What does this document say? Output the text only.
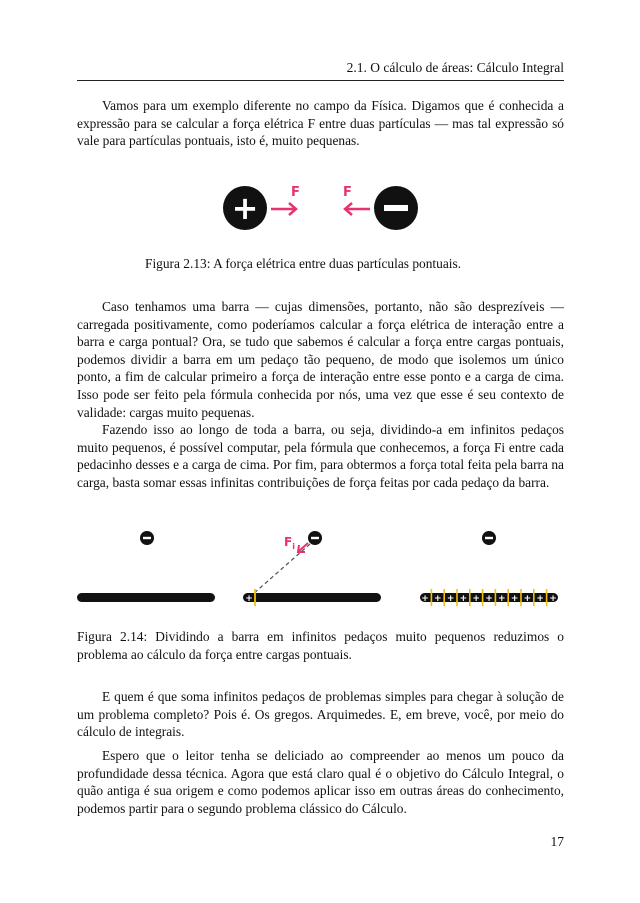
2.1. O cálculo de áreas: Cálculo Integral

Vamos para um exemplo diferente no campo da Física. Digamos que é conhecida a expressão para se calcular a força elétrica F entre duas partículas — mas tal expressão só vale para partículas pontuais, isto é, muito pequenas.

+	F	F

Figura 2.13: A força elétrica entre duas partículas pontuais.

Caso tenhamos uma barra — cujas dimensões, portanto, não são desprezíveis — carregada positivamente, como poderíamos calcular a força elétrica de interação entre a barra e carga pontual? Ora, se tudo que sabemos é calcular a força entre cargas pontuais, podemos dividir a barra em um pedaço tão pequeno, de modo que isolemos um único ponto, a fim de calcular primeiro a força de interação entre esse ponto e a carga de cima. Isso pode ser feito pela fórmula conhecida por nós, uma vez que esse é seu contexto de validade: cargas muito pequenas.

Fazendo isso ao longo de toda a barra, ou seja, dividindo-a em infinitos pedaços muito pequenos, é possível computar, pela fórmula que conhecemos, a força Fi entre cada pedacinho desses e a carga de cima. Por fim, para obtermos a força total feita pela barra na carga, basta somar essas infinitas contribuições de força feitas por cada pedaço da barra.

$F_i$
+	+ + + + + + + + + + +

Figura 2.14: Dividindo a barra em infinitos pedaços muito pequenos reduzimos o problema ao cálculo da força entre cargas pontuais.

E quem é que soma infinitos pedaços de problemas simples para chegar à solução de um problema completo? Pois é. Os gregos. Arquimedes. E, em breve, você, por meio do cálculo de integrais.

Espero que o leitor tenha se deliciado ao compreender ao menos um pouco da profundidade dessa técnica. Agora que está claro qual é o objetivo do Cálculo Integral, o quão antiga é sua origem e como podemos aplicar isso em outras áreas do conhecimento, podemos partir para o segundo problema clássico do Cálculo.

17
